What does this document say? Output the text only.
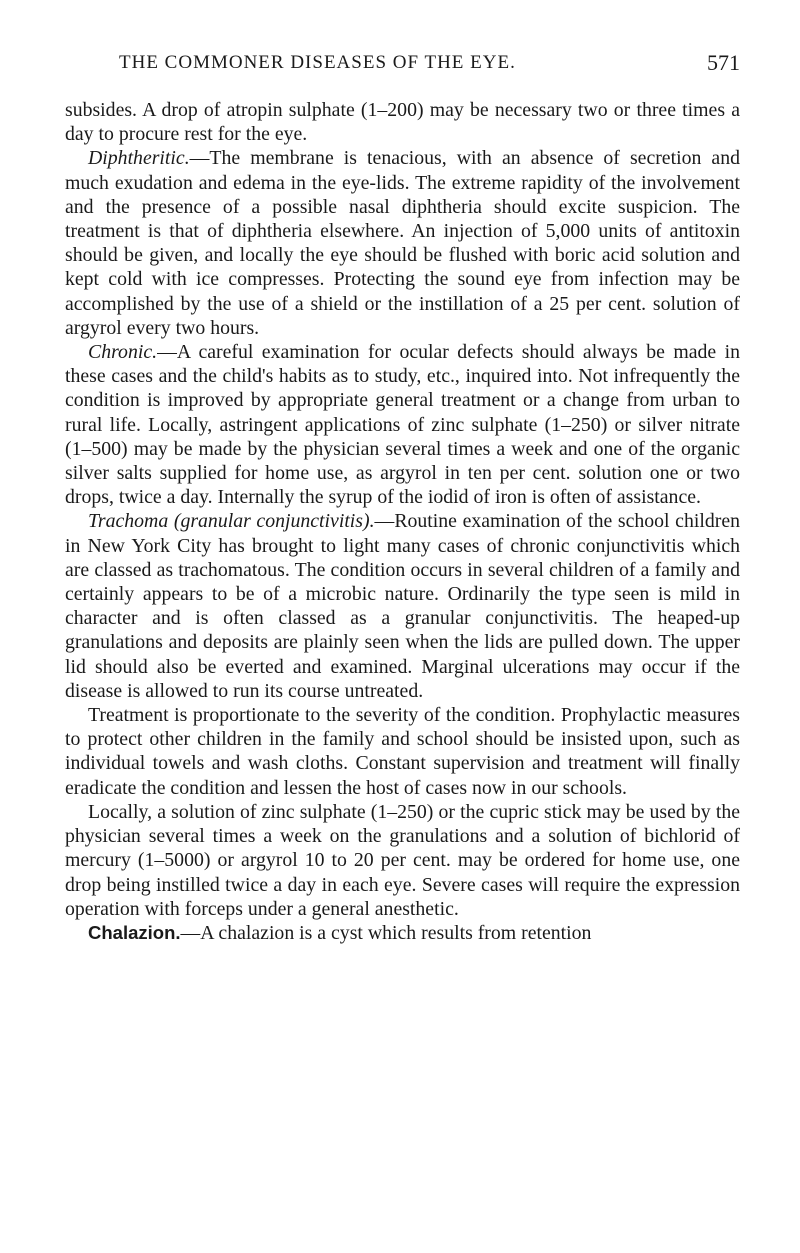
THE COMMONER DISEASES OF THE EYE.	571

subsides. A drop of atropin sulphate (1–200) may be necessary two or three times a day to procure rest for the eye.

Diphtheritic.—The membrane is tenacious, with an absence of secretion and much exudation and edema in the eye-lids. The extreme rapidity of the involvement and the presence of a possible nasal diphtheria should excite suspicion. The treatment is that of diphtheria elsewhere. An injection of 5,000 units of antitoxin should be given, and locally the eye should be flushed with boric acid solution and kept cold with ice compresses. Protecting the sound eye from infection may be accomplished by the use of a shield or the instillation of a 25 per cent. solution of argyrol every two hours.

Chronic.—A careful examination for ocular defects should always be made in these cases and the child's habits as to study, etc., inquired into. Not infrequently the condition is improved by appropriate general treatment or a change from urban to rural life. Locally, astringent applications of zinc sulphate (1–250) or silver nitrate (1–500) may be made by the physician several times a week and one of the organic silver salts supplied for home use, as argyrol in ten per cent. solution one or two drops, twice a day. Internally the syrup of the iodid of iron is often of assistance.

Trachoma (granular conjunctivitis).—Routine examination of the school children in New York City has brought to light many cases of chronic conjunctivitis which are classed as trachomatous. The condition occurs in several children of a family and certainly appears to be of a microbic nature. Ordinarily the type seen is mild in character and is often classed as a granular conjunctivitis. The heaped-up granulations and deposits are plainly seen when the lids are pulled down. The upper lid should also be everted and examined. Marginal ulcerations may occur if the disease is allowed to run its course untreated.

Treatment is proportionate to the severity of the condition. Prophylactic measures to protect other children in the family and school should be insisted upon, such as individual towels and wash cloths. Constant supervision and treatment will finally eradicate the condition and lessen the host of cases now in our schools.

Locally, a solution of zinc sulphate (1–250) or the cupric stick may be used by the physician several times a week on the granulations and a solution of bichlorid of mercury (1–5000) or argyrol 10 to 20 per cent. may be ordered for home use, one drop being instilled twice a day in each eye. Severe cases will require the expression operation with forceps under a general anesthetic.

Chalazion.—A chalazion is a cyst which results from retention
